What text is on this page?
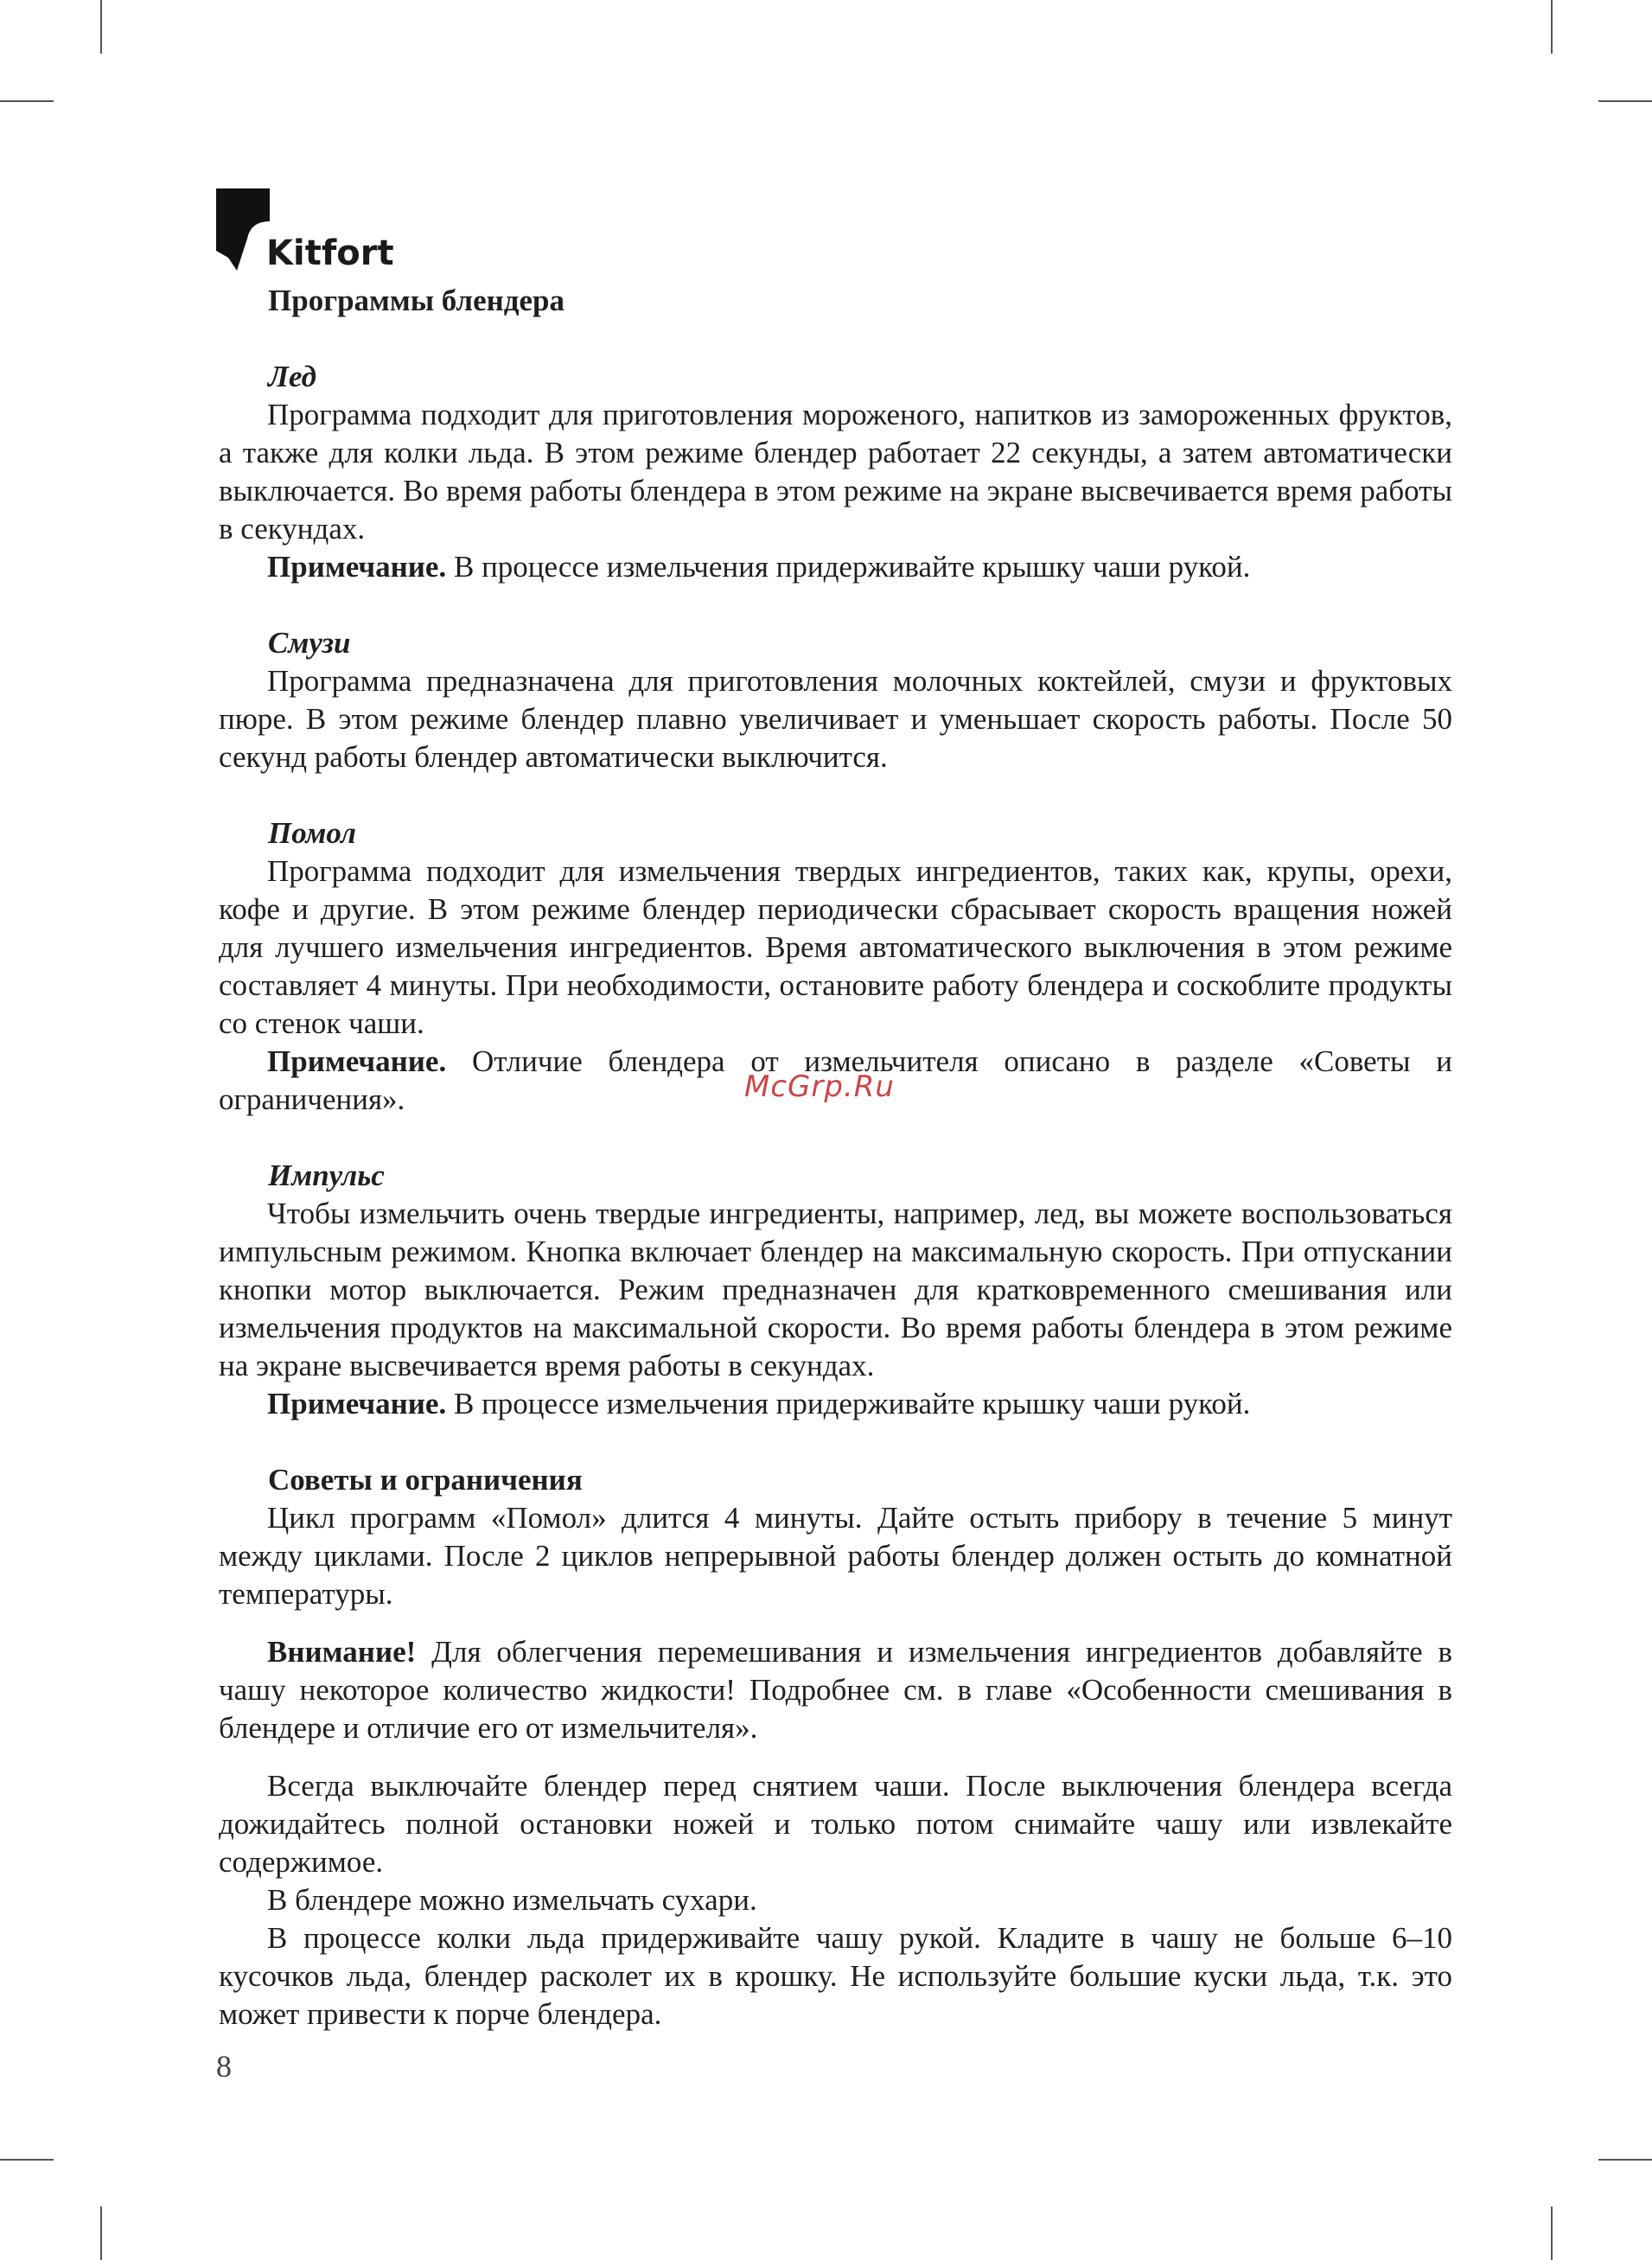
Kitfort
McGrp.Ru

Программы блендера

Лед

Программа подходит для приготовления мороженого, напитков из замороженных фруктов, а также для колки льда. В этом режиме блендер работает 22 секунды, а затем автоматически выключается. Во время работы блендера в этом режиме на экране высвечивается время работы в секундах.

Примечание. В процессе измельчения придерживайте крышку чаши рукой.

Смузи

Программа предназначена для приготовления молочных коктейлей, смузи и фруктовых пюре. В этом режиме блендер плавно увеличивает и уменьшает скорость работы. После 50 секунд работы блендер автоматически выключится.

Помол

Программа подходит для измельчения твердых ингредиентов, таких как, крупы, орехи, кофе и другие. В этом режиме блендер периодически сбрасывает скорость вращения ножей для лучшего измельчения ингредиентов. Время автоматического выключения в этом режиме составляет 4 минуты. При необходимости, остановите работу блендера и соскоблите продукты со стенок чаши.

Примечание. Отличие блендера от измельчителя описано в разделе «Советы и ограничения».

Импульс

Чтобы измельчить очень твердые ингредиенты, например, лед, вы можете воспользоваться импульсным режимом. Кнопка включает блендер на максимальную скорость. При отпускании кнопки мотор выключается. Режим предназначен для кратковременного смешивания или измельчения продуктов на максимальной скорости. Во время работы блендера в этом режиме на экране высвечивается время работы в секундах.

Примечание. В процессе измельчения придерживайте крышку чаши рукой.

Советы и ограничения

Цикл программ «Помол» длится 4 минуты. Дайте остыть прибору в течение 5 минут между циклами. После 2 циклов непрерывной работы блендер должен остыть до комнатной температуры.

Внимание! Для облегчения перемешивания и измельчения ингредиентов добавляйте в чашу некоторое количество жидкости! Подробнее см. в главе «Особенности смешивания в блендере и отличие его от измельчителя».

Всегда выключайте блендер перед снятием чаши. После выключения блендера всегда дожидайтесь полной остановки ножей и только потом снимайте чашу или извлекайте содержимое.

В блендере можно измельчать сухари.

В процессе колки льда придерживайте чашу рукой. Кладите в чашу не больше 6–10 кусочков льда, блендер расколет их в крошку. Не используйте большие куски льда, т.к. это может привести к порче блендера.

8
